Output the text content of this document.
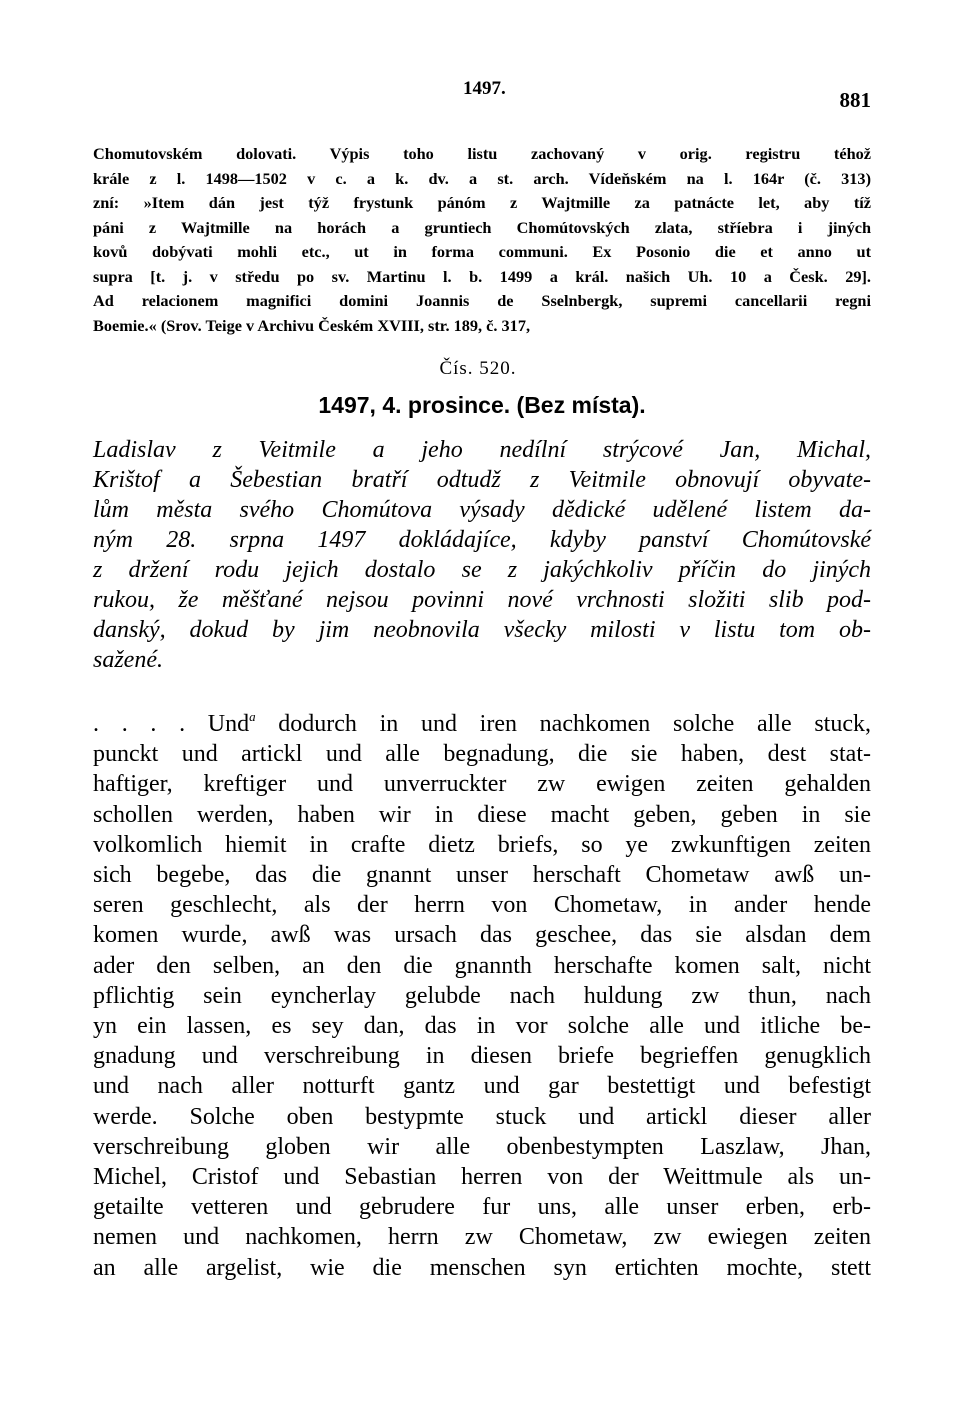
1497.	881
Chomutovském dolovati. Výpis toho listu zachovaný v orig. registru téhož
krále z l. 1498—1502 v c. a k. dv. a st. arch. Vídeňském na l. 164r (č. 313)
zní: »Item dán jest týž frystunk pánóm z Wajtmille za patnácte let, aby tíž
páni z Wajtmille na horách a gruntiech Chomútovských zlata, stříebra i jiných
kovů dobývati mohli etc., ut in forma communi. Ex Posonio die et anno ut
supra [t. j. v středu po sv. Martinu l. b. 1499 a král. našich Uh. 10 a Česk. 29].
Ad relacionem magnifici domini Joannis de Sselnbergk, supremi cancellarii regni
Boemie.« (Srov. Teige v Archivu Českém XVIII, str. 189, č. 317,
Čís. 520.
1497, 4. prosince. (Bez místa).
Ladislav z Veitmile a jeho nedílní strýcové Jan, Michal,
Krištof a Šebestian bratří odtudž z Veitmile obnovují obyvate-
lům města svého Chomútova výsady dědické udělené listem da-
ným 28. srpna 1497 dokládajíce, kdyby panství Chomútovské
z držení rodu jejich dostalo se z jakýchkoliv příčin do jiných
rukou, že měšťané nejsou povinni nové vrchnosti složiti slib pod-
danský, dokud by jim neobnovila všecky milosti v listu tom ob-
sažené.
. . . . Und$^a$ dodurch in und iren nachkomen solche alle stuck,
punckt und artickl und alle begnadung, die sie haben, dest stat-
haftiger, kreftiger und unverruckter zw ewigen zeiten gehalden
schollen werden, haben wir in diese macht geben, geben in sie
volkomlich hiemit in crafte dietz briefs, so ye zwkunftigen zeiten
sich begebe, das die gnannt unser herschaft Chometaw awß un-
seren geschlecht, als der herrn von Chometaw, in ander hende
komen wurde, awß was ursach das geschee, das sie alsdan dem
ader den selben, an den die gnannth herschafte komen salt, nicht
pflichtig sein eyncherlay gelubde nach huldung zw thun, nach
yn ein lassen, es sey dan, das in vor solche alle und itliche be-
gnadung und verschreibung in diesen briefe begrieffen genugklich
und nach aller notturft gantz und gar bestettigt und befestigt
werde. Solche oben bestypmte stuck und artickl dieser aller
verschreibung globen wir alle obenbestympten Laszlaw, Jhan,
Michel, Cristof und Sebastian herren von der Weittmule als un-
getailte vetteren und gebrudere fur uns, alle unser erben, erb-
nemen und nachkomen, herrn zw Chometaw, zw ewiegen zeiten
an alle argelist, wie die menschen syn ertichten mochte, stett
